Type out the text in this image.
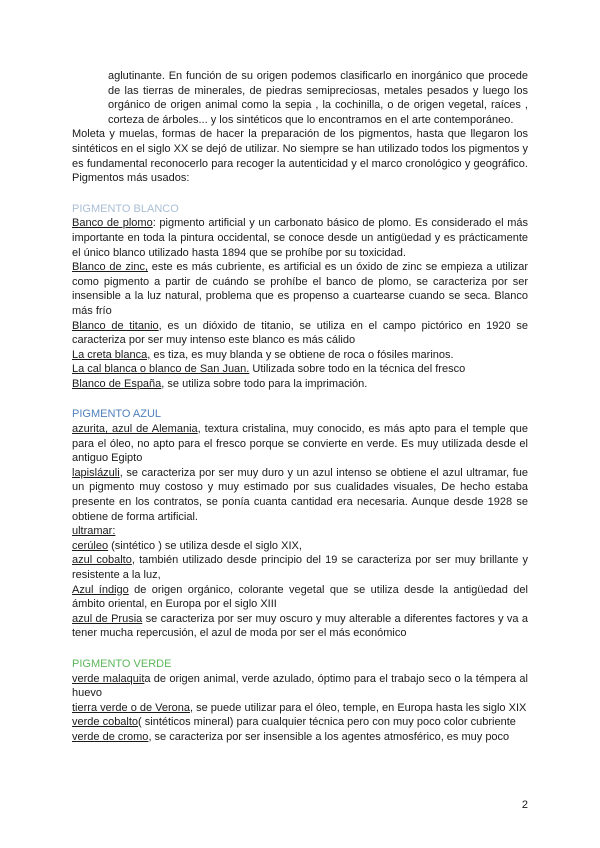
aglutinante. En función de su origen podemos clasificarlo en inorgánico que procede de las tierras de minerales, de piedras semipreciosas, metales pesados y luego los orgánico de origen animal como la sepia , la cochinilla, o de origen vegetal, raíces , corteza de árboles... y los sintéticos que lo encontramos en el arte contemporáneo.

Moleta y muelas, formas de hacer la preparación de los pigmentos, hasta que llegaron los sintéticos en el siglo XX se dejó de utilizar. No siempre se han utilizado todos los pigmentos y es fundamental reconocerlo para recoger la autenticidad y el marco cronológico y geográfico. Pigmentos más usados:

PIGMENTO BLANCO

Banco de plomo: pigmento artificial y un carbonato básico de plomo. Es considerado el más importante en toda la pintura occidental, se conoce desde un antigüedad y es prácticamente el único blanco utilizado hasta 1894 que se prohíbe por su toxicidad.

Blanco de zinc, este es más cubriente, es artificial es un óxido de zinc se empieza a utilizar como pigmento a partir de cuándo se prohíbe el banco de plomo, se caracteriza por ser insensible a la luz natural, problema que es propenso a cuartearse cuando se seca. Blanco más frío

Blanco de titanio, es un dióxido de titanio, se utiliza en el campo pictórico en 1920 se caracteriza por ser muy intenso este blanco es más cálido

La creta blanca, es tiza, es muy blanda y se obtiene de roca o fósiles marinos.

La cal blanca o blanco de San Juan. Utilizada sobre todo en la técnica del fresco

Blanco de España, se utiliza sobre todo para la imprimación.

PIGMENTO AZUL

azurita, azul de Alemania, textura cristalina, muy conocido, es más apto para el temple que para el óleo, no apto para el fresco porque se convierte en verde. Es muy utilizada desde el antiguo Egipto

lapislázuli, se caracteriza por ser muy duro y un azul intenso se obtiene el azul ultramar, fue un pigmento muy costoso y muy estimado por sus cualidades visuales, De hecho estaba presente en los contratos, se ponía cuanta cantidad era necesaria. Aunque desde 1928 se obtiene de forma artificial.

ultramar:

cerúleo (sintético ) se utiliza desde el siglo XIX,

azul cobalto, también utilizado desde principio del 19 se caracteriza por ser muy brillante y resistente a la luz,

Azul índigo de origen orgánico, colorante vegetal que se utiliza desde la antigüedad del ámbito oriental, en Europa por el siglo XIII

azul de Prusia se caracteriza por ser muy oscuro y muy alterable a diferentes factores y va a tener mucha repercusión, el azul de moda por ser el más económico

PIGMENTO VERDE

verde malaquita de origen animal, verde azulado, óptimo para el trabajo seco o la témpera al huevo

tierra verde o de Verona, se puede utilizar para el óleo, temple, en Europa hasta les siglo XIX

verde cobalto( sintéticos mineral) para cualquier técnica pero con muy poco color cubriente

verde de cromo, se caracteriza por ser insensible a los agentes atmosférico, es muy poco

2
